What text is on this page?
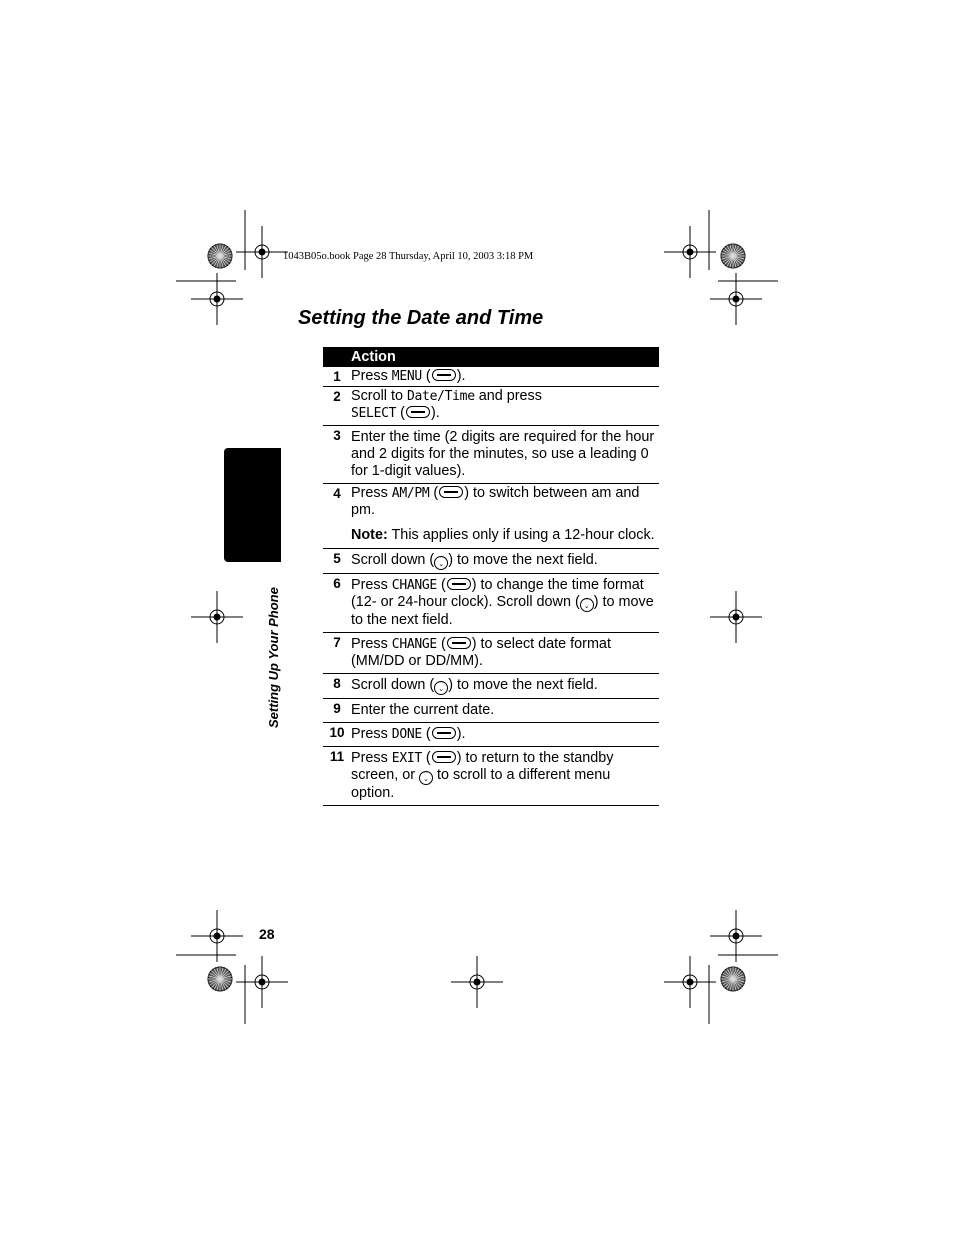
1043B05o.book Page 28 Thursday, April 10, 2003 3:18 PM
Setting the Date and Time
Setting Up Your Phone
	Action
1	Press MENU ( ).
2	Scroll to Date/Time and press
SELECT ( ).
3	Enter the time (2 digits are required for the hour and 2 digits for the minutes, so use a leading 0 for 1-digit values).
4	Press AM/PM ( ) to switch between am and pm.
Note: This applies only if using a 12-hour clock.

5	Scroll down ( ⌃
⌄ ) to move the next field.
6	Press CHANGE ( ) to change the time format (12- or 24-hour clock). Scroll down ( ⌃
⌄ ) to move to the next field.
7	Press CHANGE ( ) to select date format (MM/DD or DD/MM).
8	Scroll down ( ⌃
⌄ ) to move the next field.
9	Enter the current date.
10	Press DONE ( ).
11	Press EXIT ( ) to return to the standby screen, or ⌃
⌄ to scroll to a different menu option.
28
